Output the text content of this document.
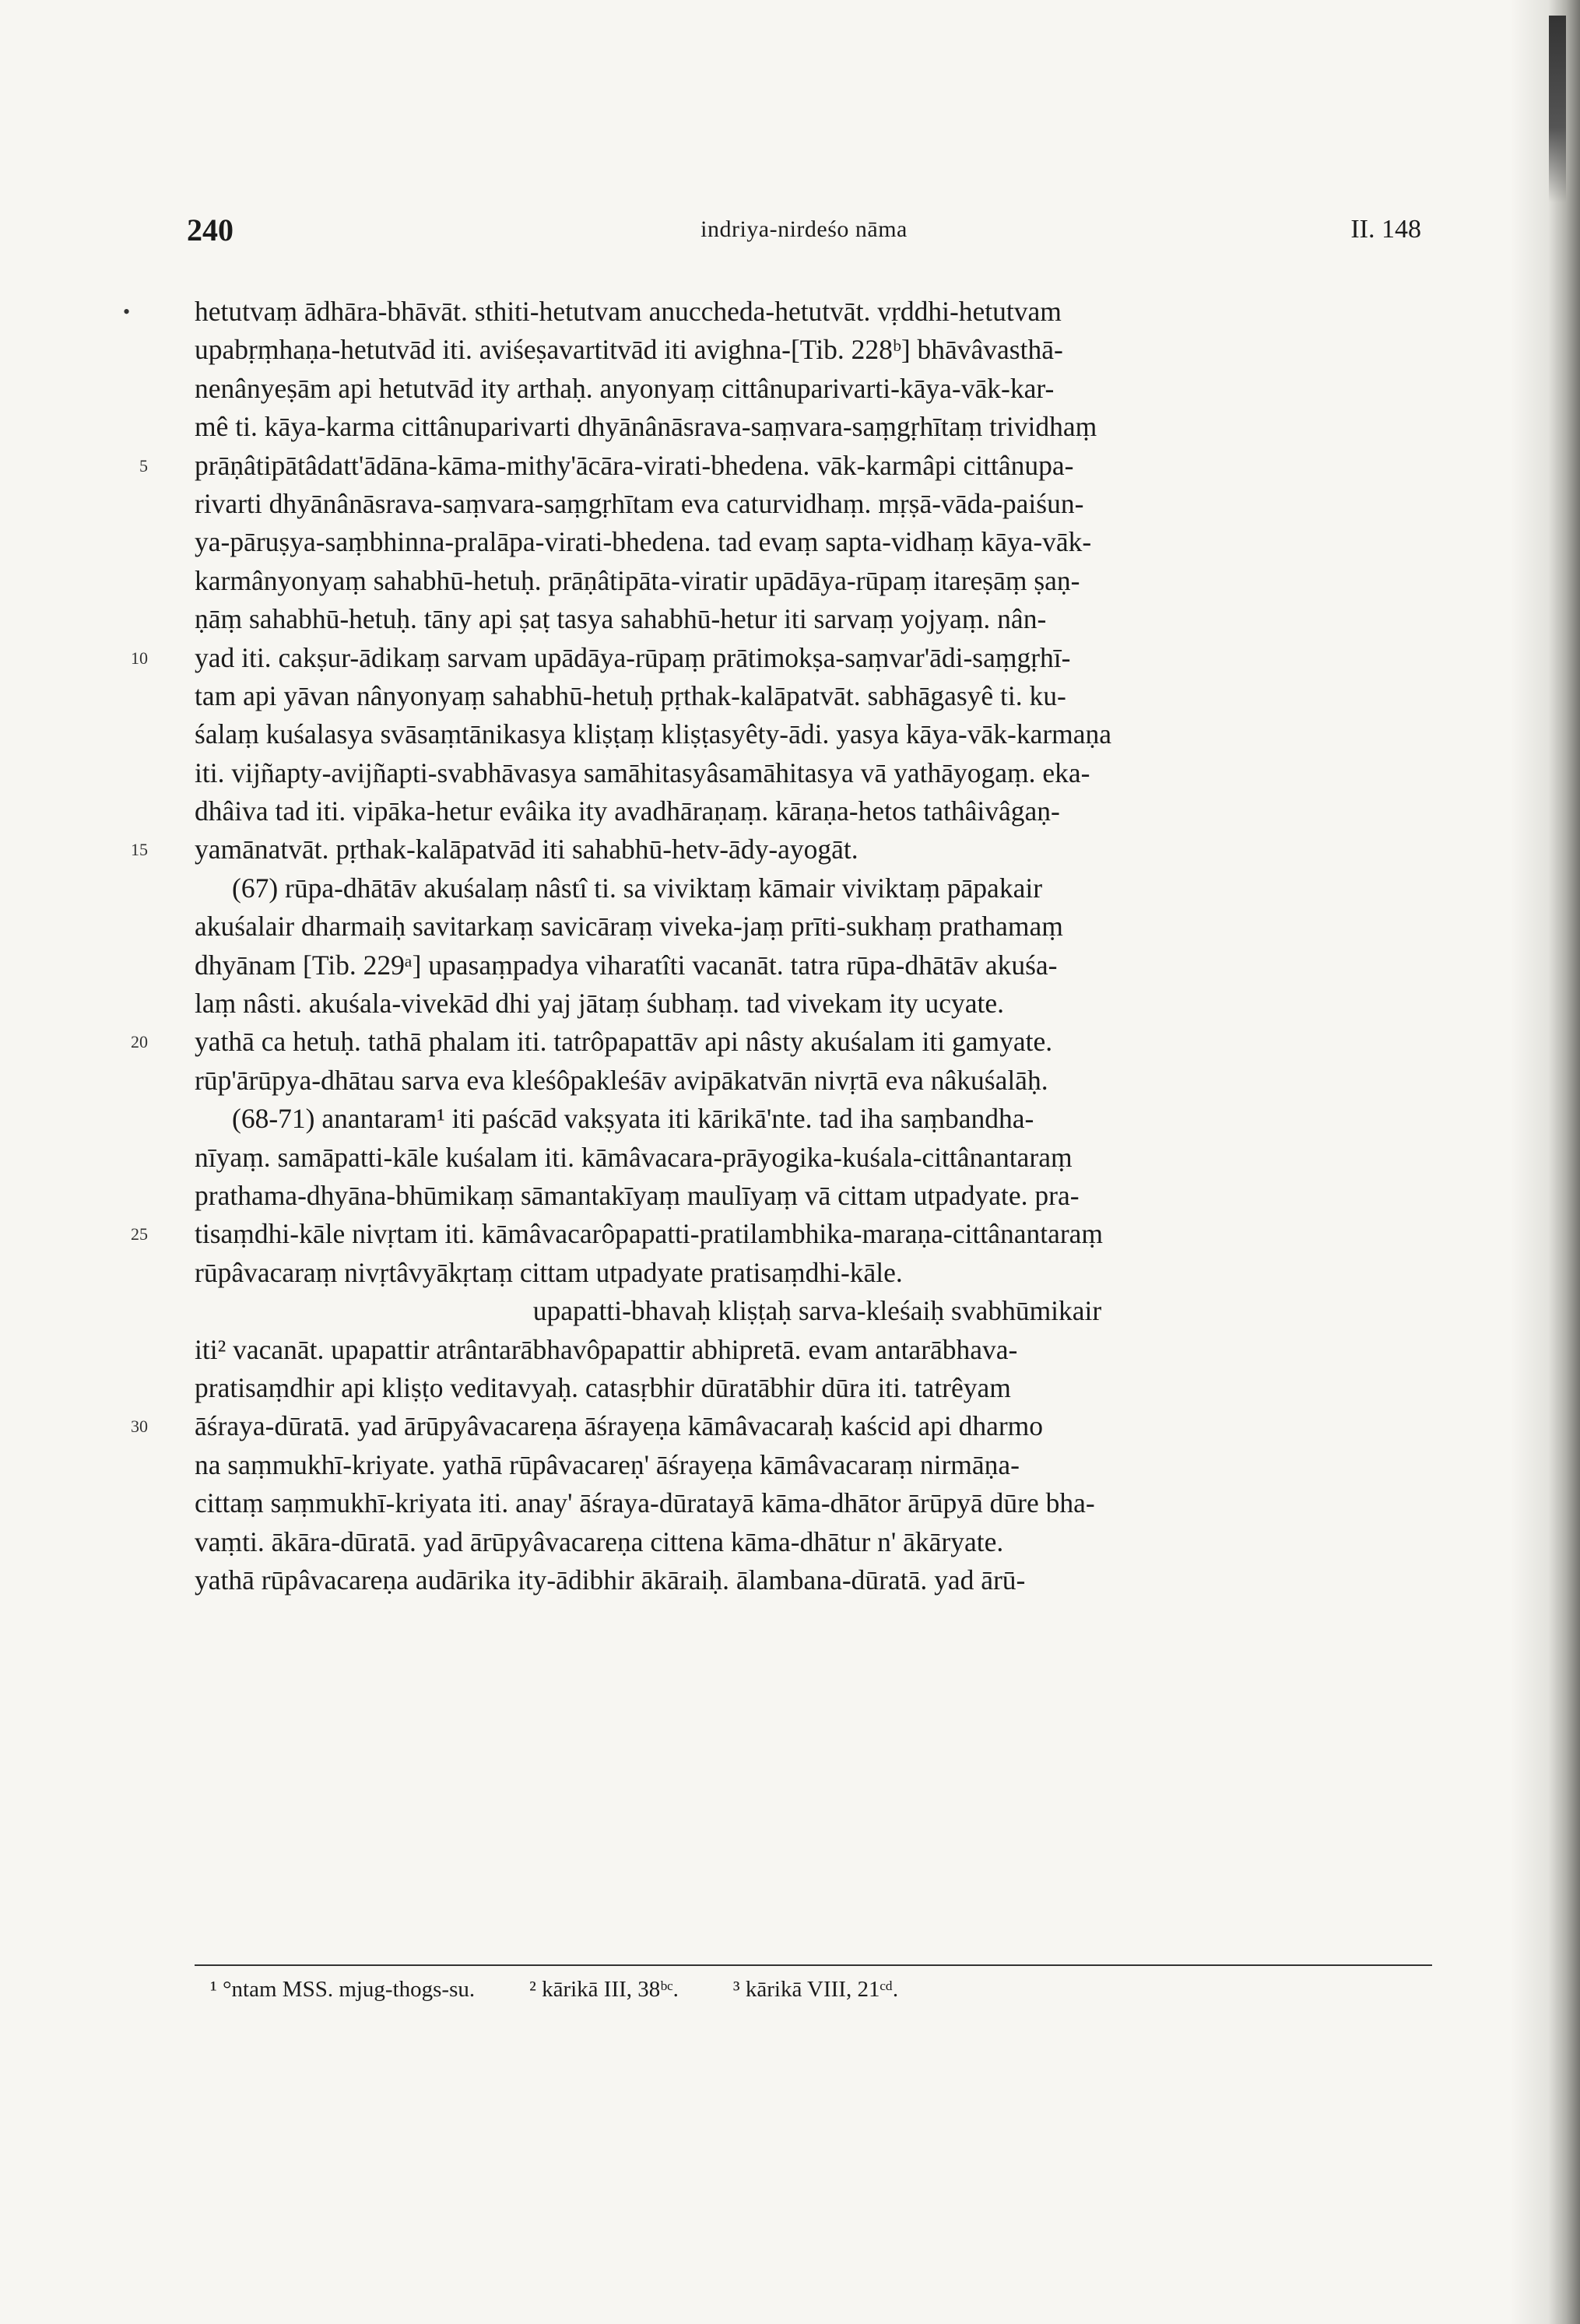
240	indriya-nirdeśo nāma	II. 148
• hetutvaṃ ādhāra-bhāvāt. sthiti-hetutvam anuccheda-hetutvāt. vṛddhi-hetutvam
upabṛṃhaṇa-hetutvād iti. aviśeṣavartitvād iti avighna-[Tib. 228ᵇ] bhāvâvasthā-
nenânyeṣām api hetutvād ity arthaḥ. anyonyaṃ cittânuparivarti-kāya-vāk-kar-
mê ti. kāya-karma cittânuparivarti dhyānânāsrava-saṃvara-saṃgṛhītaṃ trividhaṃ
5 prāṇâtipātâdatt'ādāna-kāma-mithy'ācāra-virati-bhedena. vāk-karmâpi cittânupa-
rivarti dhyānânāsrava-saṃvara-saṃgṛhītam eva caturvidhaṃ. mṛṣā-vāda-paiśun-
ya-pāruṣya-saṃbhinna-pralāpa-virati-bhedena. tad evaṃ sapta-vidhaṃ kāya-vāk-
karmânyonyaṃ sahabhū-hetuḥ. prāṇâtipāta-viratir upādāya-rūpaṃ itareṣāṃ ṣaṇ-
ṇāṃ sahabhū-hetuḥ. tāny api ṣaṭ tasya sahabhū-hetur iti sarvaṃ yojyaṃ. nân-
10 yad iti. cakṣur-ādikaṃ sarvam upādāya-rūpaṃ prātimokṣa-saṃvar'ādi-saṃgṛhī-
tam api yāvan nânyonyaṃ sahabhū-hetuḥ pṛthak-kalāpatvāt. sabhāgasyê ti. ku-
śalaṃ kuśalasya svāsaṃtānikasya kliṣṭaṃ kliṣṭasyêty-ādi. yasya kāya-vāk-karmaṇa
iti. vijñapty-avijñapti-svabhāvasya samāhitasyâsamāhitasya vā yathāyogaṃ. eka-
dhâiva tad iti. vipāka-hetur evâika ity avadhāraṇaṃ. kāraṇa-hetos tathâivâgaṇ-
15 yamānatvāt. pṛthak-kalāpatvād iti sahabhū-hetv-ādy-ayogāt.
(67) rūpa-dhātāv akuśalaṃ nâstî ti. sa viviktaṃ kāmair viviktaṃ pāpakair
akuśalair dharmaiḥ savitarkaṃ savicāraṃ viveka-jaṃ prīti-sukhaṃ prathamaṃ
dhyānam [Tib. 229ᵃ] upasaṃpadya viharatîti vacanāt. tatra rūpa-dhātāv akuśa-
laṃ nâsti. akuśala-vivekād dhi yaj jātaṃ śubhaṃ. tad vivekam ity ucyate.
20 yathā ca hetuḥ. tathā phalam iti. tatrôpapattāv api nâsty akuśalam iti gamyate.
rūp'ārūpya-dhātau sarva eva kleśôpakleśāv avipākatvān nivṛtā eva nâkuśalāḥ.
(68-71) anantaram¹ iti paścād vakṣyata iti kārikā'nte. tad iha saṃbandha-
nīyaṃ. samāpatti-kāle kuśalam iti. kāmâvacara-prāyogika-kuśala-cittânantaraṃ
prathama-dhyāna-bhūmikaṃ sāmantakīyaṃ maulīyaṃ vā cittam utpadyate. pra-
25 tisaṃdhi-kāle nivṛtam iti. kāmâvacarôpapatti-pratilambhika-maraṇa-cittânantaraṃ
rūpâvacaraṃ nivṛtâvyākṛtaṃ cittam utpadyate pratisaṃdhi-kāle.
upapatti-bhavaḥ kliṣṭaḥ sarva-kleśaiḥ svabhūmikair
iti² vacanāt. upapattir atrântarābhavôpapattir abhipretā. evam antarābhava-
pratisaṃdhir api kliṣṭo veditavyaḥ. catasṛbhir dūratābhir dūra iti. tatrêyam
30 āśraya-dūratā. yad ārūpyâvacareṇa āśrayeṇa kāmâvacaraḥ kaścid api dharmo
na saṃmukhī-kriyate. yathā rūpâvacareṇ' āśrayeṇa kāmâvacaraṃ nirmāṇa-
cittaṃ saṃmukhī-kriyata iti. anay' āśraya-dūratayā kāma-dhātor ārūpyā dūre bha-
vaṃti. ākāra-dūratā. yad ārūpyâvacareṇa cittena kāma-dhātur n' ākāryate.
yathā rūpâvacareṇa audārika ity-ādibhir ākāraiḥ. ālambana-dūratā. yad ārū-
¹ °ntam MSS. mjug-thogs-su. ² kārikā III, 38ᵇᶜ. ³ kārikā VIII, 21ᶜᵈ.
